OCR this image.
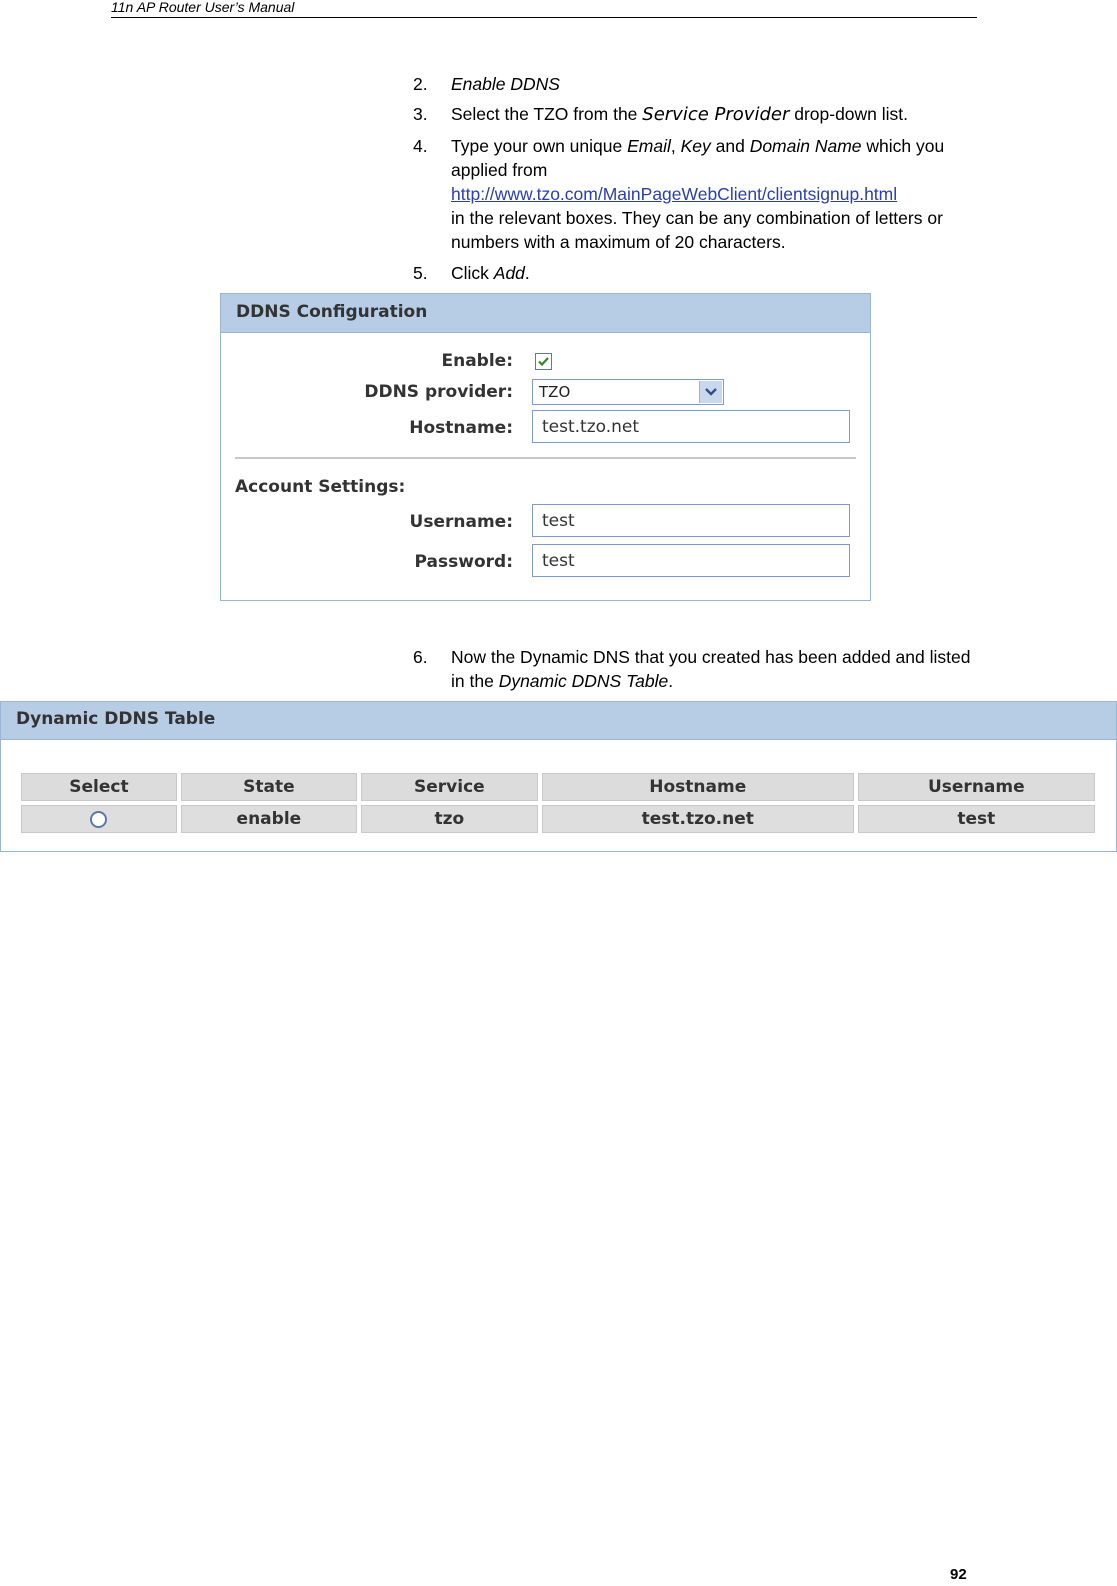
11n AP Router User’s Manual
2. Enable DDNS
3. Select the TZO from the Service Provider drop-down list.
4. Type your own unique Email, Key and Domain Name which you applied from
http://www.tzo.com/MainPageWebClient/clientsignup.html
in the relevant boxes. They can be any combination of letters or numbers with a maximum of 20 characters.
5. Click Add.
DDNS Configuration
Enable:
DDNS provider: TZO
Hostname: test.tzo.net
Account Settings:
Username: test
Password: test
6. Now the Dynamic DNS that you created has been added and listed in the Dynamic DDNS Table.
Dynamic DDNS Table
Select	State	Service	Hostname	Username
	enable	tzo	test.tzo.net	test
92
